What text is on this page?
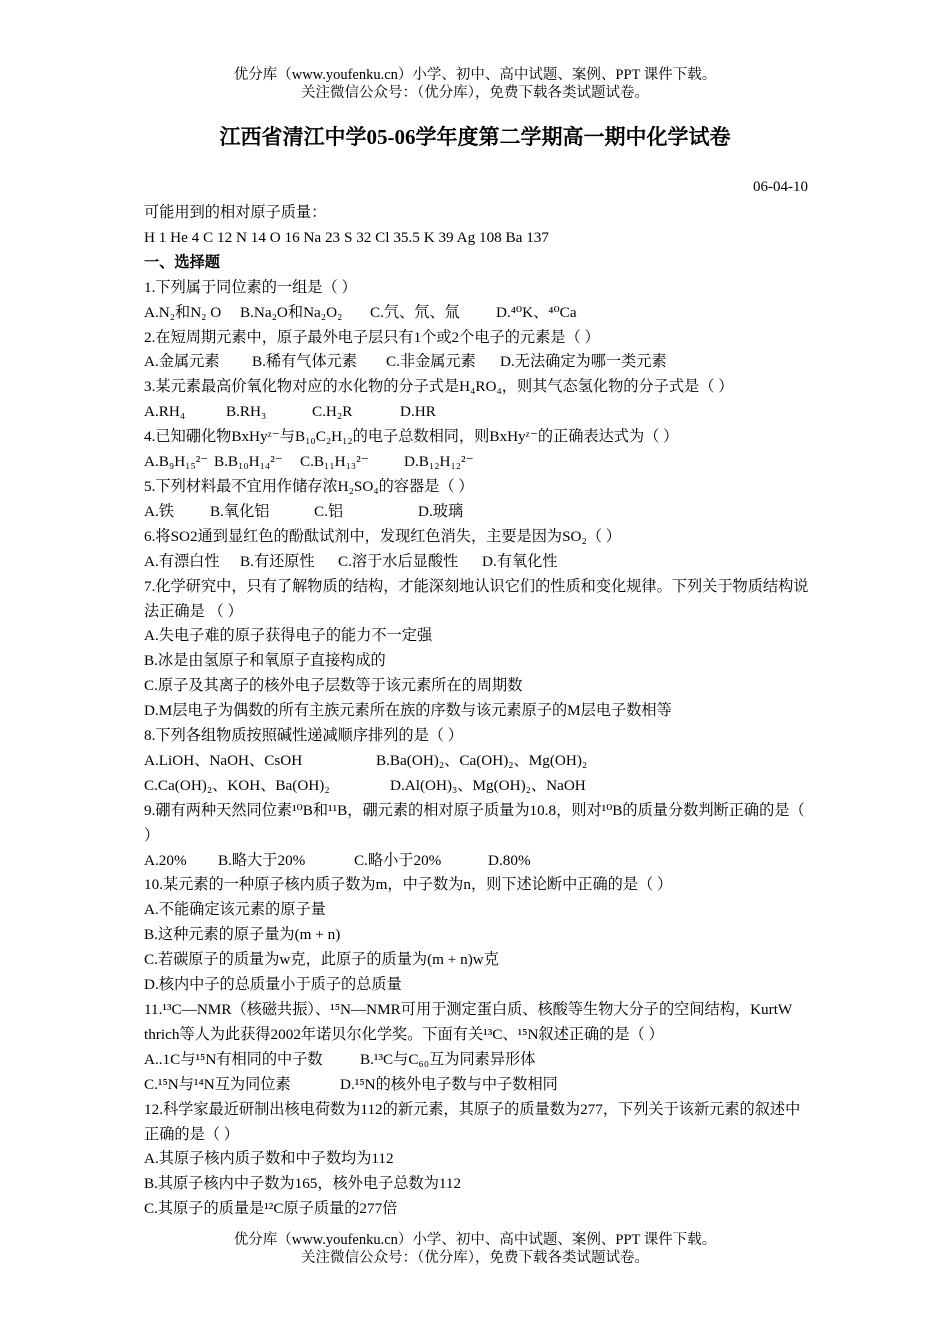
优分库（www.youfenku.cn）小学、初中、高中试题、案例、PPT 课件下载。
关注微信公众号：（优分库），免费下载各类试题试卷。
江西省清江中学05-06学年度第二学期高一期中化学试卷
06-04-10

可能用到的相对原子质量：

H 1 He 4 C 12 N 14 O 16 Na 23 S 32 Cl 35.5 K 39 Ag 108 Ba 137

一、选择题

1.下列属于同位素的一组是（ ）

A.N₂和N₂ O B.Na₂O和Na₂O₂ C.氕、氘、氚 D.⁴⁰K、⁴⁰Ca

2.在短周期元素中，原子最外电子层只有1个或2个电子的元素是（ ）

A.金属元素 B.稀有气体元素 C.非金属元素 D.无法确定为哪一类元素

3.某元素最高价氧化物对应的水化物的分子式是H₄RO₄，则其气态氢化物的分子式是（ ）

A.RH₄	B.RH₃	C.H₂R	D.HR

4.已知硼化物BxHyᶻ⁻与B₁₀C₂H₁₂的电子总数相同，则BxHyᶻ⁻的正确表达式为（ ）

A.B₉H₁₅²⁻ B.B₁₀H₁₄²⁻ C.B₁₁H₁₃²⁻ D.B₁₂H₁₂²⁻

5.下列材料最不宜用作储存浓H₂SO₄的容器是（ ）

A.铁 B.氧化铝	C.铝	D.玻璃

6.将SO2通到显红色的酚酞试剂中，发现红色消失，主要是因为SO₂（ ）

A.有漂白性 B.有还原性 C.溶于水后显酸性 D.有氧化性

7.化学研究中，只有了解物质的结构，才能深刻地认识它们的性质和变化规律。下列关于物质结构说法正确是 （ ）

A.失电子难的原子获得电子的能力不一定强

B.冰是由氢原子和氧原子直接构成的

C.原子及其离子的核外电子层数等于该元素所在的周期数

D.M层电子为偶数的所有主族元素所在族的序数与该元素原子的M层电子数相等

8.下列各组物质按照碱性递减顺序排列的是（ ）

A.LiOH、NaOH、CsOH	B.Ba(OH)₂、Ca(OH)₂、Mg(OH)₂

C.Ca(OH)₂、KOH、Ba(OH)₂	D.Al(OH)₃、Mg(OH)₂、NaOH

9.硼有两种天然同位素¹⁰B和¹¹B，硼元素的相对原子质量为10.8，则对¹⁰B的质量分数判断正确的是（ ）

A.20% B.略大于20%	C.略小于20%	D.80%

10.某元素的一种原子核内质子数为m，中子数为n，则下述论断中正确的是（ ）

A.不能确定该元素的原子量

B.这种元素的原子量为(m + n)

C.若碳原子的质量为w克，此原子的质量为(m + n)w克

D.核内中子的总质量小于质子的总质量

11.¹³C—NMR（核磁共振）、¹⁵N—NMR可用于测定蛋白质、核酸等生物大分子的空间结构，KurtW thrich等人为此获得2002年诺贝尔化学奖。下面有关¹³C、¹⁵N叙述正确的是（ ）

A..1C与¹⁵N有相同的中子数 B.¹³C与C₆₀互为同素异形体

C.¹⁵N与¹⁴N互为同位素	D.¹⁵N的核外电子数与中子数相同

12.科学家最近研制出核电荷数为112的新元素，其原子的质量数为277，下列关于该新元素的叙述中正确的是（ ）

A.其原子核内质子数和中子数均为112

B.其原子核内中子数为165，核外电子总数为112

C.其原子的质量是¹²C原子质量的277倍

优分库（www.youfenku.cn）小学、初中、高中试题、案例、PPT 课件下载。
关注微信公众号：（优分库），免费下载各类试题试卷。
